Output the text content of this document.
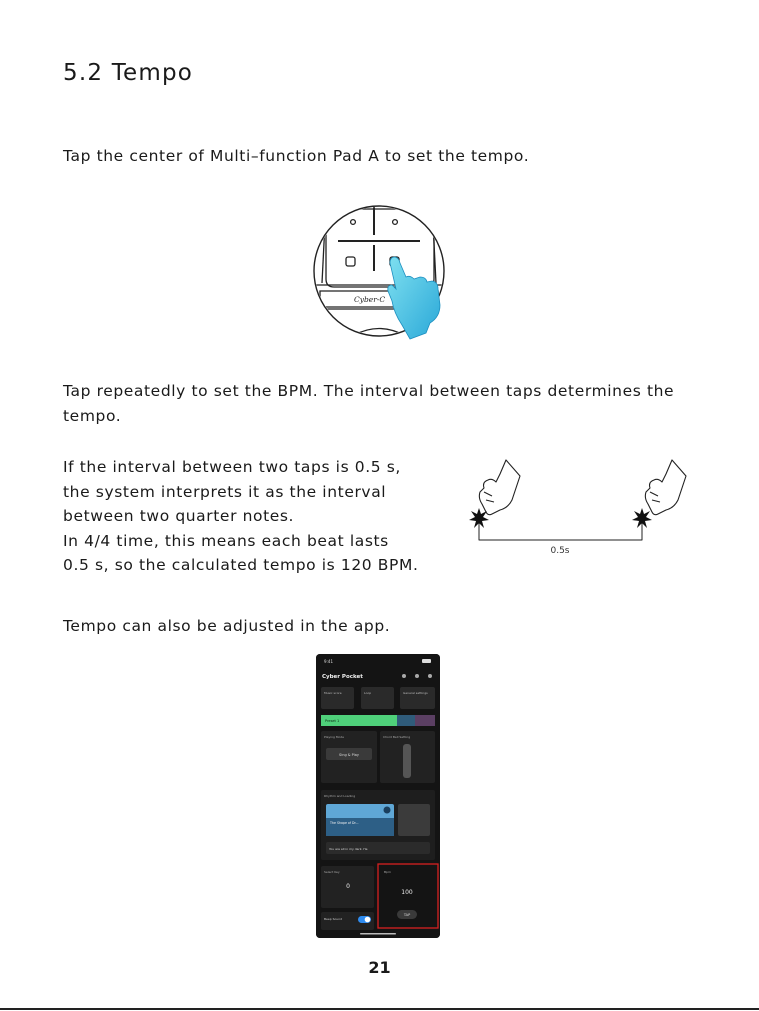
5.2 Tempo

Tap the center of Multi–function Pad A to set the tempo.

Cyber-C

Tap repeatedly to set the BPM. The interval between taps determines the tempo.

If the interval between two taps is 0.5 s,
the system interprets it as the interval
between two quarter notes.
In 4/4 time, this means each beat lasts
0.5 s, so the calculated tempo is 120 BPM.
0.5s

Tempo can also be adjusted in the app.

9:41
Cyber Pocket
Music score	Loop	General settings
Preset 1
Playing Mode
Sing & Play
Chord Bell Setting
Rhythm and Loading
The Shape of Dr...
You are all in my dark. He
Select Key
0
Bpm
100
TAP
Beep Sound
21
